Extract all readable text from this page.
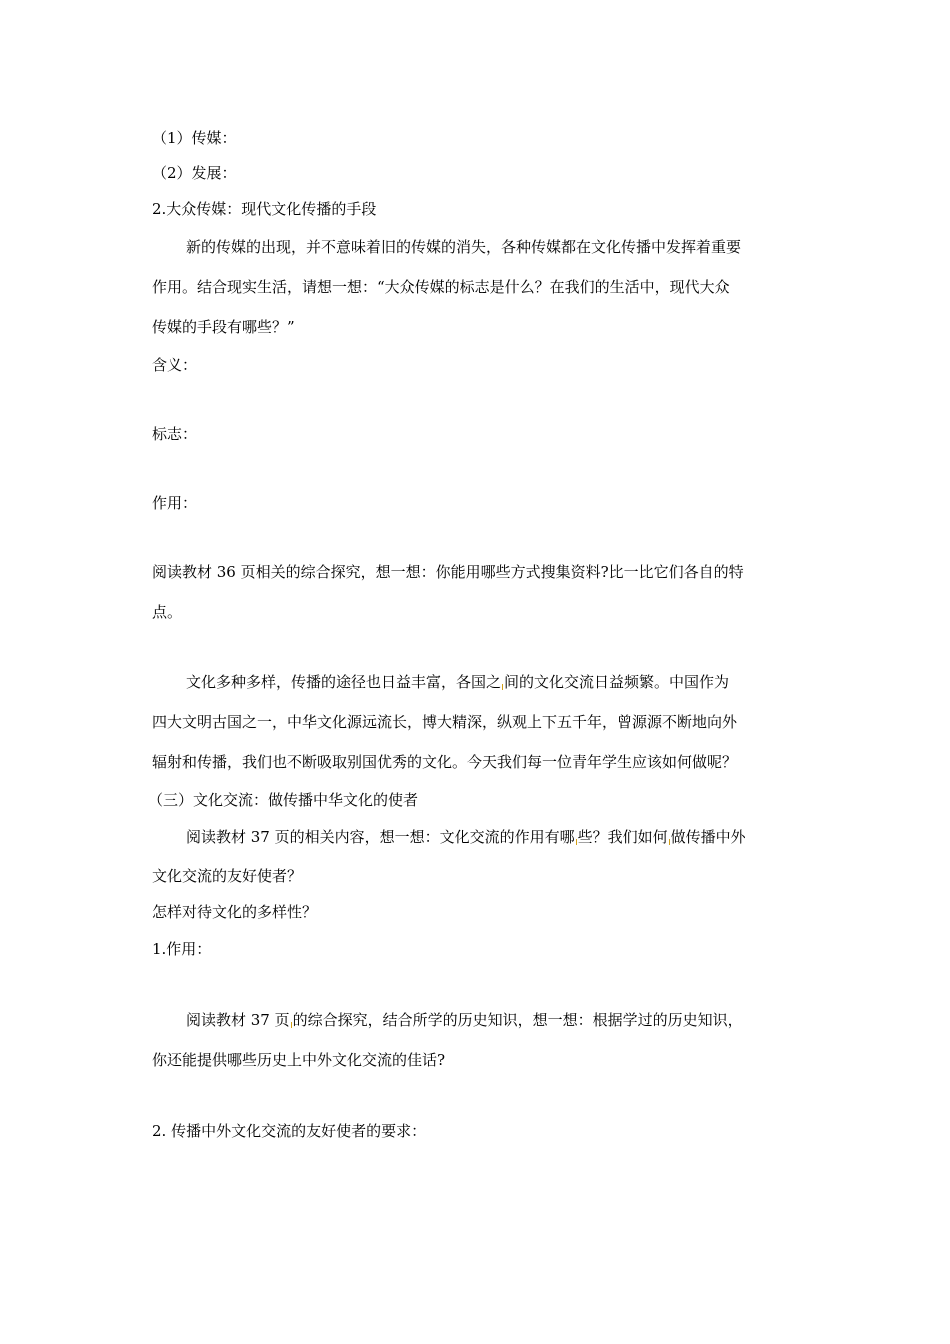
（1）传媒：
（2）发展：
2.大众传媒：现代文化传播的手段
新的传媒的出现，并不意味着旧的传媒的消失，各种传媒都在文化传播中发挥着重要
作用。结合现实生活，请想一想：“大众传媒的标志是什么？在我们的生活中，现代大众
传媒的手段有哪些？”
含义：
标志：
作用：
阅读教材 36 页相关的综合探究，想一想：你能用哪些方式搜集资料?比一比它们各自的特
点。
文化多种多样，传播的途径也日益丰富，各国之 间的文化交流日益频繁。中国作为
四大文明古国之一，中华文化源远流长，博大精深，纵观上下五千年，曾源源不断地向外
辐射和传播，我们也不断吸取别国优秀的文化。今天我们每一位青年学生应该如何做呢？
（三）文化交流：做传播中华文化的使者
阅读教材 37 页的相关内容，想一想：文化交流的作用有哪 些？我们如何 做传播中外
文化交流的友好使者？
怎样对待文化的多样性？
1.作用：
阅读教材 37 页 的综合探究，结合所学的历史知识，想一想：根据学过的历史知识，
你还能提供哪些历史上中外文化交流的佳话?
2. 传播中外文化交流的友好使者的要求：
